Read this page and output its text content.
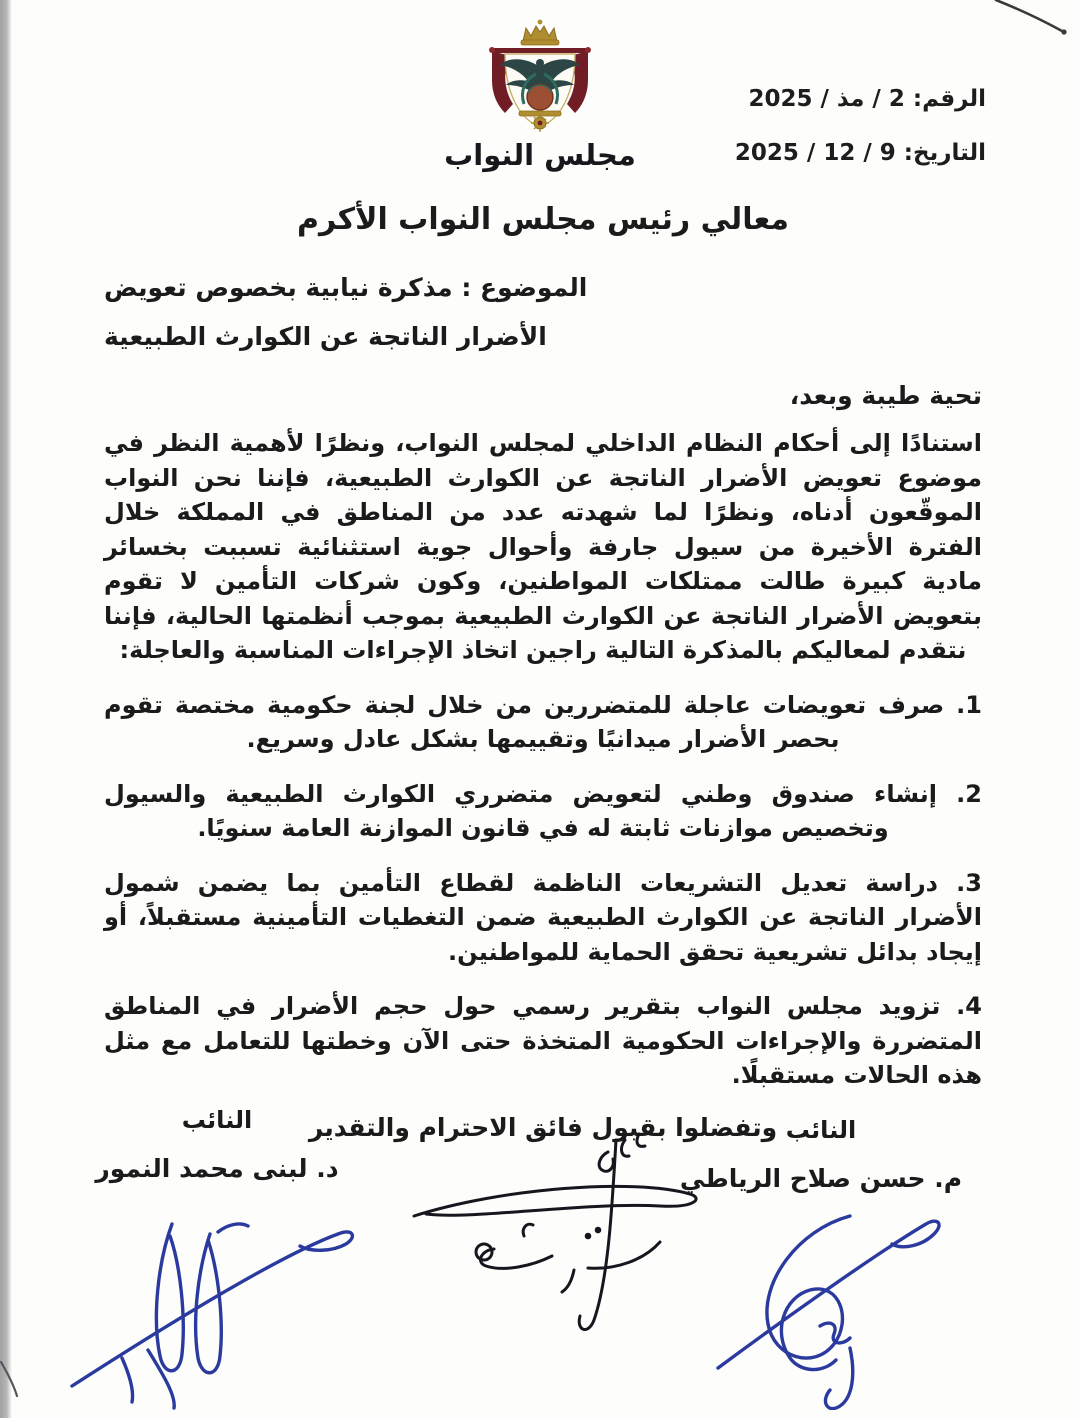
الرقم: 2 / مذ / 2025
التاريخ: 9 / 12 / 2025
مجلس النواب
معالي رئيس مجلس النواب الأكرم
الموضوع : مذكرة نيابية بخصوص تعويض
الأضرار الناتجة عن الكوارث الطبيعية
تحية طيبة وبعد،

استنادًا إلى أحكام النظام الداخلي لمجلس النواب، ونظرًا لأهمية النظر في موضوع تعويض الأضرار الناتجة عن الكوارث الطبيعية، فإننا نحن النواب الموقّعون أدناه، ونظرًا لما شهدته عدد من المناطق في المملكة خلال الفترة الأخيرة من سيول جارفة وأحوال جوية استثنائية تسببت بخسائر مادية كبيرة طالت ممتلكات المواطنين، وكون شركات التأمين لا تقوم بتعويض الأضرار الناتجة عن الكوارث الطبيعية بموجب أنظمتها الحالية، فإننا نتقدم لمعاليكم بالمذكرة التالية راجين اتخاذ الإجراءات المناسبة والعاجلة:

1. صرف تعويضات عاجلة للمتضررين من خلال لجنة حكومية مختصة تقوم بحصر الأضرار ميدانيًا وتقييمها بشكل عادل وسريع.

2. إنشاء صندوق وطني لتعويض متضرري الكوارث الطبيعية والسيول وتخصيص موازنات ثابتة له في قانون الموازنة العامة سنويًا.

3. دراسة تعديل التشريعات الناظمة لقطاع التأمين بما يضمن شمول الأضرار الناتجة عن الكوارث الطبيعية ضمن التغطيات التأمينية مستقبلاً، أو إيجاد بدائل تشريعية تحقق الحماية للمواطنين.

4. تزويد مجلس النواب بتقرير رسمي حول حجم الأضرار في المناطق المتضررة والإجراءات الحكومية المتخذة حتى الآن وخطتها للتعامل مع مثل هذه الحالات مستقبلًا.

وتفضلوا بقبول فائق الاحترام والتقدير النائب
م. حسن صلاح الرياطي
النائب
د. لبنى محمد النمور
